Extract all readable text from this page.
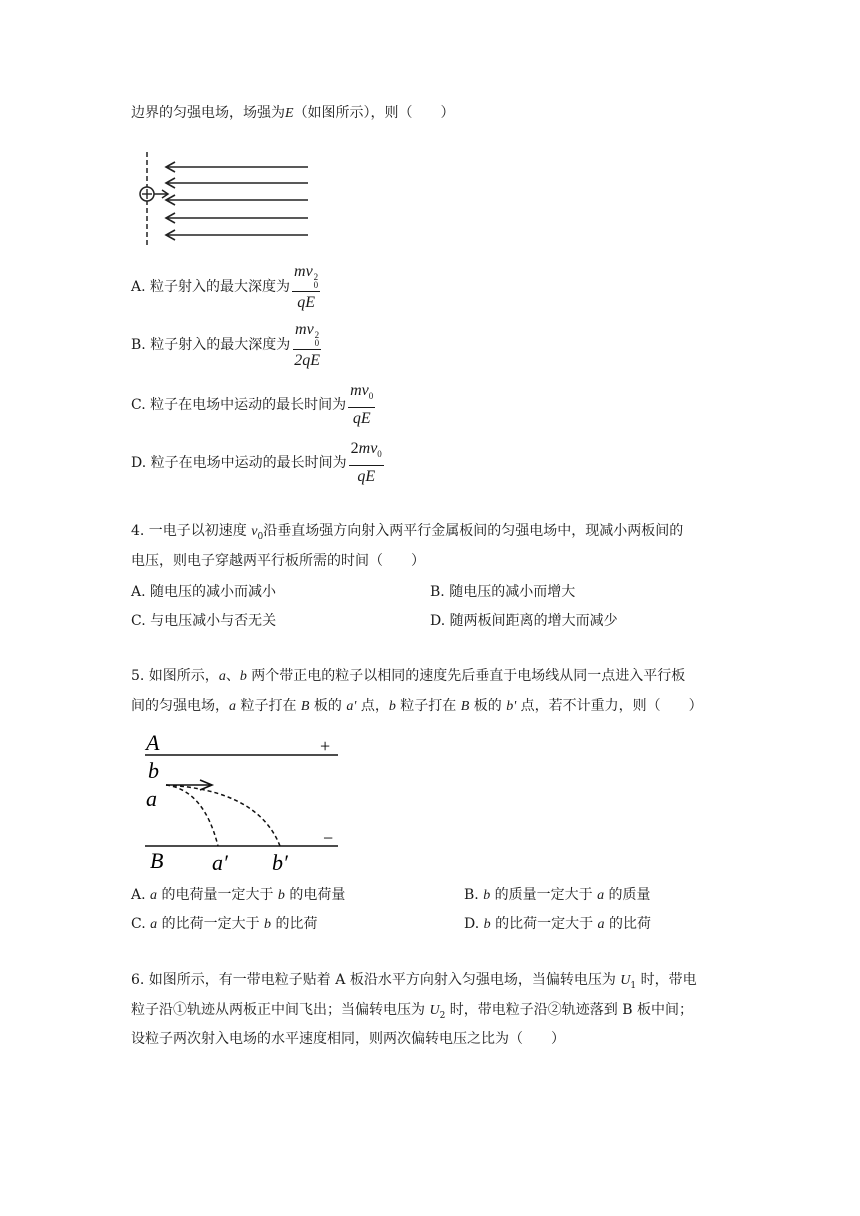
边界的匀强电场，场强为E（如图所示），则（　　）
A.
粒子射入的最大深度为 mv 2
0
qE
B.
粒子射入的最大深度为 mv 2
0
2qE
C.
粒子在电场中运动的最长时间为 $\frac{mv_0}{qE}$
D.
粒子在电场中运动的最长时间为 $\frac{2mv_0}{qE}$
4. 一电子以初速度 $v_0$沿垂直场强方向射入两平行金属板间的匀强电场中，现减小两板间的
电压，则电子穿越两平行板所需的时间（　　）
A. 随电压的减小而减小	B. 随电压的减小而增大
C. 与电压减小与否无关	D. 随两板间距离的增大而减少
5. 如图所示，a、b 两个带正电的粒子以相同的速度先后垂直于电场线从同一点进入平行板
间的匀强电场，a 粒子打在 B 板的 a' 点，b 粒子打在 B 板的 b' 点，若不计重力，则（　　）
A	+
b
a
−
B a′ b′
A. a 的电荷量一定大于 b 的电荷量	B. b 的质量一定大于 a 的质量
C. a 的比荷一定大于 b 的比荷	D. b 的比荷一定大于 a 的比荷
6. 如图所示，有一带电粒子贴着 A 板沿水平方向射入匀强电场，当偏转电压为 $U_1$ 时，带电
粒子沿①轨迹从两板正中间飞出；当偏转电压为 $U_2$ 时，带电粒子沿②轨迹落到 B 板中间；
设粒子两次射入电场的水平速度相同，则两次偏转电压之比为（　　）
